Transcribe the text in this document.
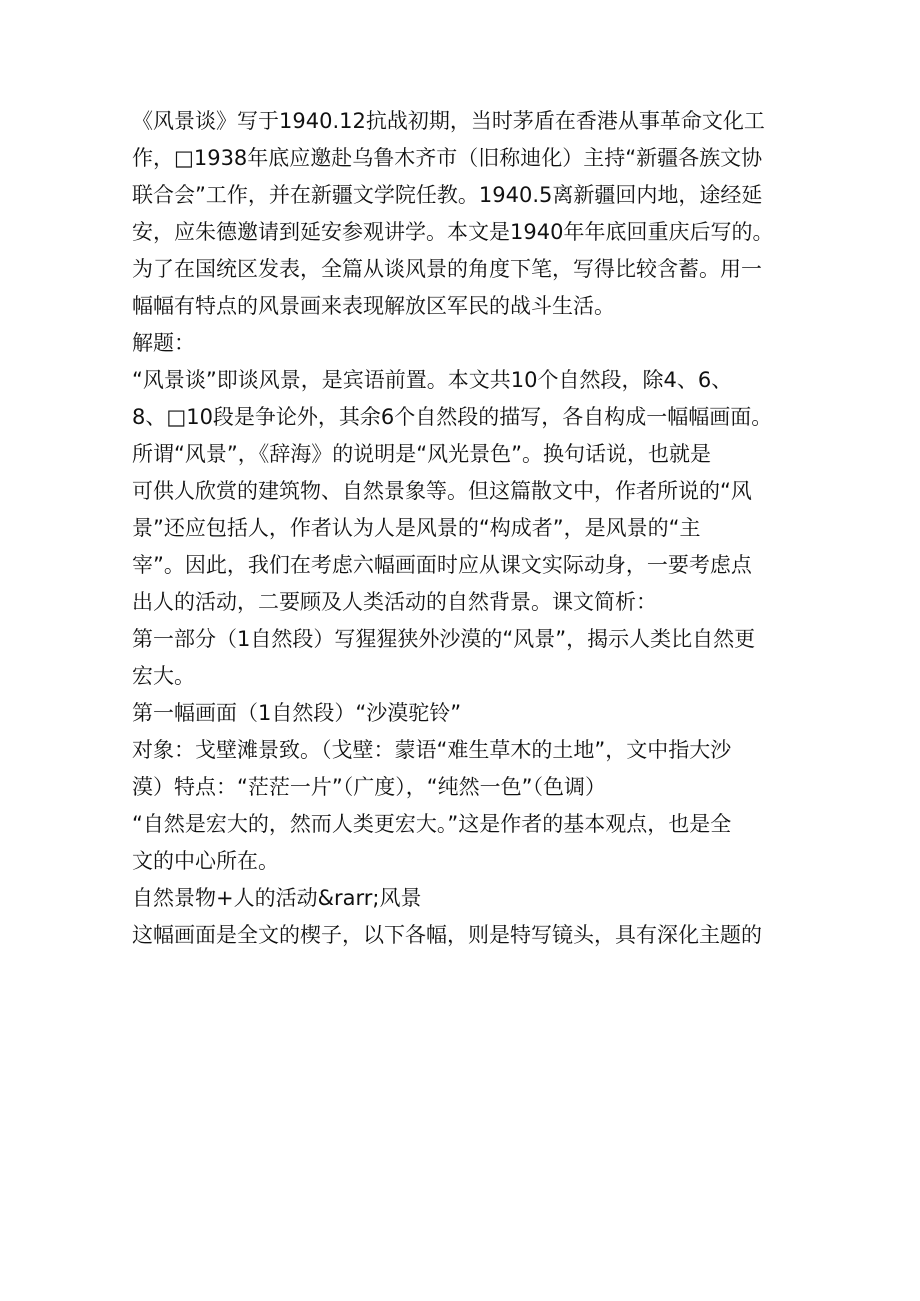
《风景谈》写于1940.12抗战初期，当时茅盾在香港从事革命文化工
作，□1938年底应邀赴乌鲁木齐市（旧称迪化）主持“新疆各族文协
联合会”工作，并在新疆文学院任教。1940.5离新疆回内地，途经延
安，应朱德邀请到延安参观讲学。本文是1940年年底回重庆后写的。
为了在国统区发表，全篇从谈风景的角度下笔，写得比较含蓄。用一
幅幅有特点的风景画来表现解放区军民的战斗生活。
解题：
“风景谈”即谈风景，是宾语前置。本文共10个自然段，除4、6、
8、□10段是争论外，其余6个自然段的描写，各自构成一幅幅画面。
所谓“风景”，《辞海》的说明是“风光景色”。换句话说，也就是
可供人欣赏的建筑物、自然景象等。但这篇散文中，作者所说的“风
景”还应包括人，作者认为人是风景的“构成者”，是风景的“主
宰”。因此，我们在考虑六幅画面时应从课文实际动身，一要考虑点
出人的活动，二要顾及人类活动的自然背景。课文简析：
第一部分（1自然段）写猩猩狭外沙漠的“风景”，揭示人类比自然更
宏大。
第一幅画面（1自然段）“沙漠驼铃”
对象：戈壁滩景致。（戈壁：蒙语“难生草木的土地”，文中指大沙
漠）特点：“茫茫一片”（广度），“纯然一色”（色调）
“自然是宏大的，然而人类更宏大。”这是作者的基本观点，也是全
文的中心所在。
自然景物+人的活动&rarr;风景
这幅画面是全文的楔子，以下各幅，则是特写镜头，具有深化主题的
